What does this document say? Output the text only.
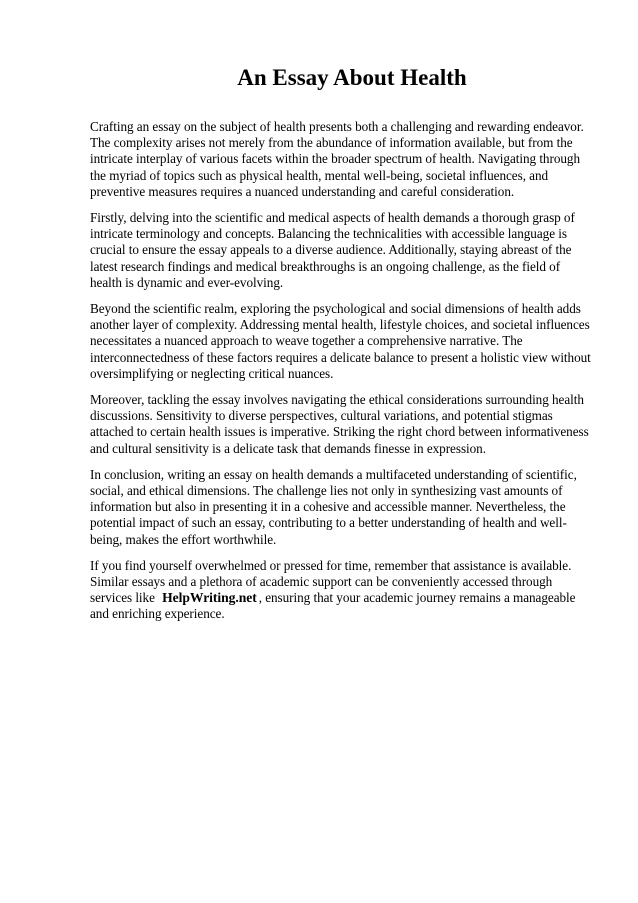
An Essay About Health

Crafting an essay on the subject of health presents both a challenging and rewarding endeavor. The complexity arises not merely from the abundance of information available, but from the intricate interplay of various facets within the broader spectrum of health. Navigating through the myriad of topics such as physical health, mental well-being, societal influences, and preventive measures requires a nuanced understanding and careful consideration.

Firstly, delving into the scientific and medical aspects of health demands a thorough grasp of intricate terminology and concepts. Balancing the technicalities with accessible language is crucial to ensure the essay appeals to a diverse audience. Additionally, staying abreast of the latest research findings and medical breakthroughs is an ongoing challenge, as the field of health is dynamic and ever-evolving.

Beyond the scientific realm, exploring the psychological and social dimensions of health adds another layer of complexity. Addressing mental health, lifestyle choices, and societal influences necessitates a nuanced approach to weave together a comprehensive narrative. The interconnectedness of these factors requires a delicate balance to present a holistic view without oversimplifying or neglecting critical nuances.

Moreover, tackling the essay involves navigating the ethical considerations surrounding health discussions. Sensitivity to diverse perspectives, cultural variations, and potential stigmas attached to certain health issues is imperative. Striking the right chord between informativeness and cultural sensitivity is a delicate task that demands finesse in expression.

In conclusion, writing an essay on health demands a multifaceted understanding of scientific, social, and ethical dimensions. The challenge lies not only in synthesizing vast amounts of information but also in presenting it in a cohesive and accessible manner. Nevertheless, the potential impact of such an essay, contributing to a better understanding of health and well-being, makes the effort worthwhile.

If you find yourself overwhelmed or pressed for time, remember that assistance is available. Similar essays and a plethora of academic support can be conveniently accessed through services like HelpWriting.net , ensuring that your academic journey remains a manageable and enriching experience.
